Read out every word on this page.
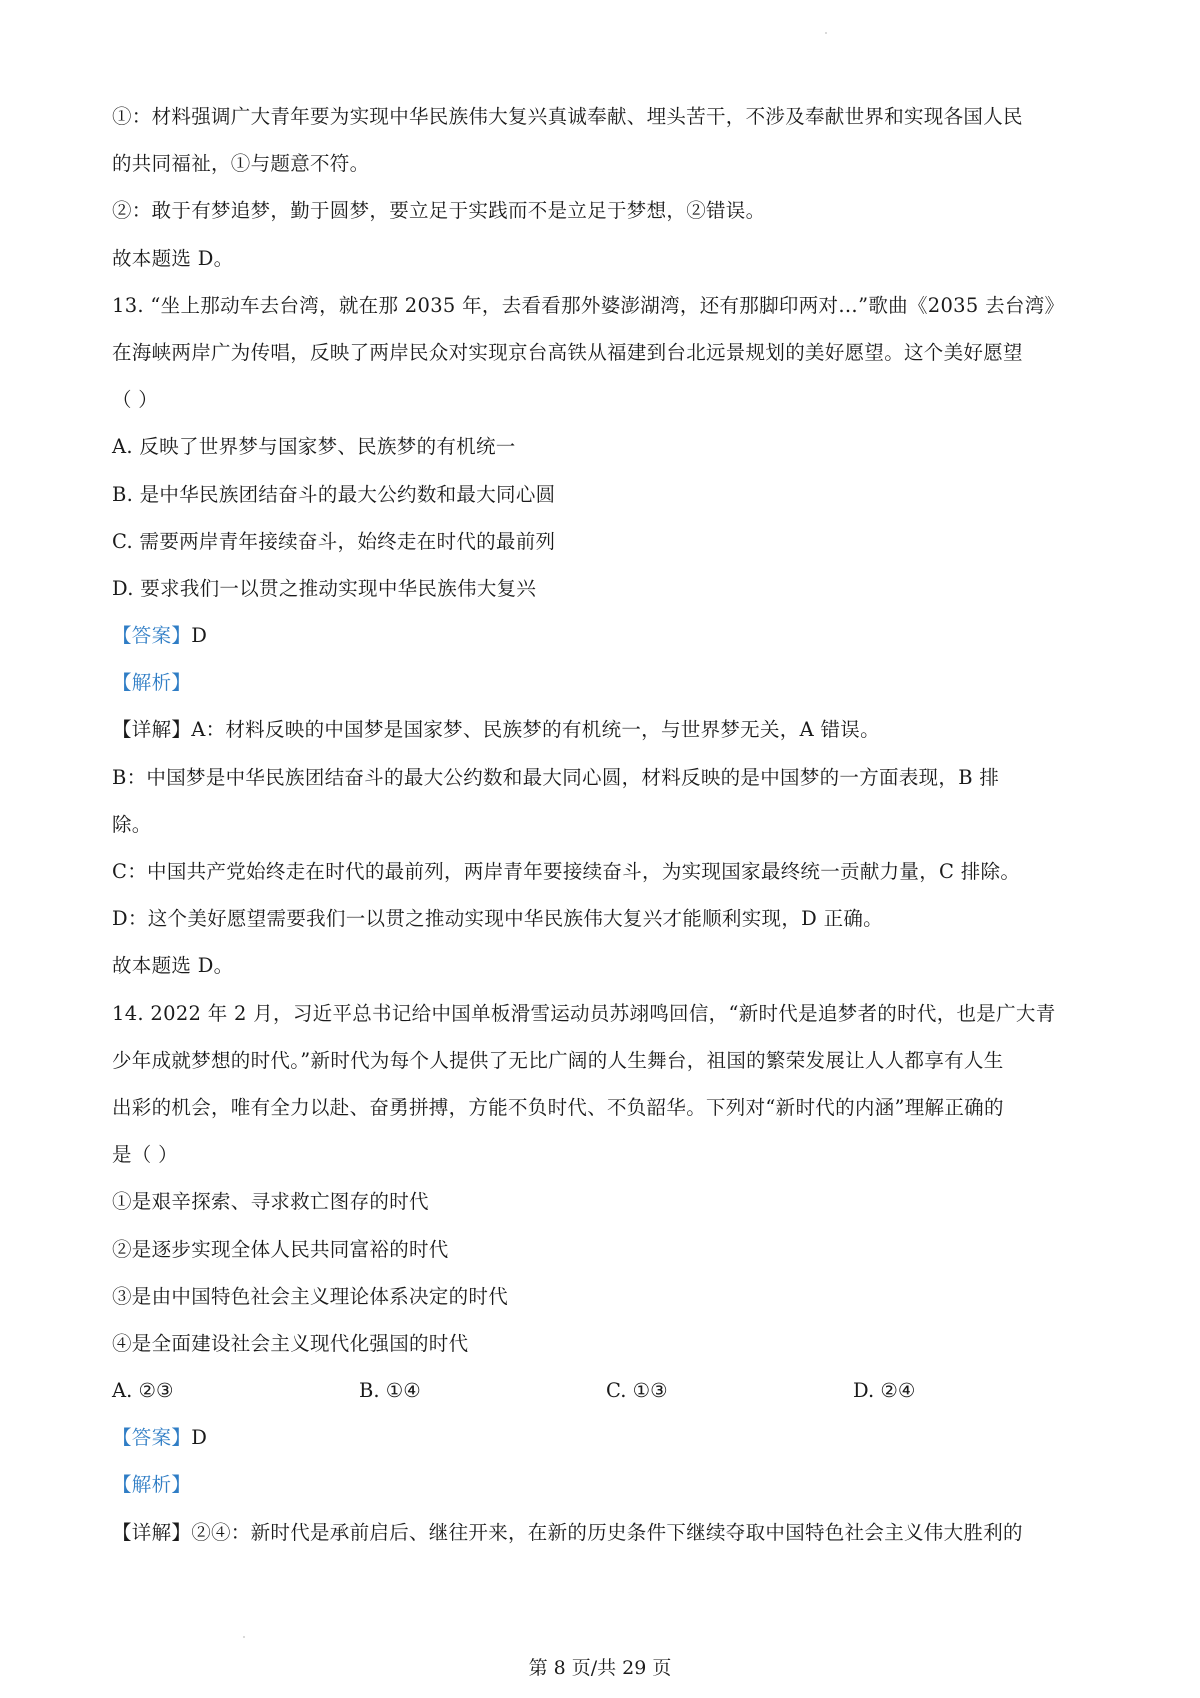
①：材料强调广大青年要为实现中华民族伟大复兴真诚奉献、埋头苦干，不涉及奉献世界和实现各国人民
的共同福祉，①与题意不符。
②：敢于有梦追梦，勤于圆梦，要立足于实践而不是立足于梦想，②错误。
故本题选 D。
13. “坐上那动车去台湾，就在那 2035 年，去看看那外婆澎湖湾，还有那脚印两对…”歌曲《2035 去台湾》
在海峡两岸广为传唱，反映了两岸民众对实现京台高铁从福建到台北远景规划的美好愿望。这个美好愿望
（ ）
A. 反映了世界梦与国家梦、民族梦的有机统一
B. 是中华民族团结奋斗的最大公约数和最大同心圆
C. 需要两岸青年接续奋斗，始终走在时代的最前列
D. 要求我们一以贯之推动实现中华民族伟大复兴
【答案】D
【解析】
【详解】A：材料反映的中国梦是国家梦、民族梦的有机统一，与世界梦无关，A 错误。
B：中国梦是中华民族团结奋斗的最大公约数和最大同心圆，材料反映的是中国梦的一方面表现，B 排
除。
C：中国共产党始终走在时代的最前列，两岸青年要接续奋斗，为实现国家最终统一贡献力量，C 排除。
D：这个美好愿望需要我们一以贯之推动实现中华民族伟大复兴才能顺利实现，D 正确。
故本题选 D。
14. 2022 年 2 月，习近平总书记给中国单板滑雪运动员苏翊鸣回信，“新时代是追梦者的时代，也是广大青
少年成就梦想的时代。”新时代为每个人提供了无比广阔的人生舞台，祖国的繁荣发展让人人都享有人生
出彩的机会，唯有全力以赴、奋勇拼搏，方能不负时代、不负韶华。下列对“新时代的内涵”理解正确的
是（ ）
①是艰辛探索、寻求救亡图存的时代
②是逐步实现全体人民共同富裕的时代
③是由中国特色社会主义理论体系决定的时代
④是全面建设社会主义现代化强国的时代
A. ②③	B. ①④	C. ①③	D. ②④
【答案】D
【解析】
【详解】②④：新时代是承前启后、继往开来，在新的历史条件下继续夺取中国特色社会主义伟大胜利的
第 8 页/共 29 页
